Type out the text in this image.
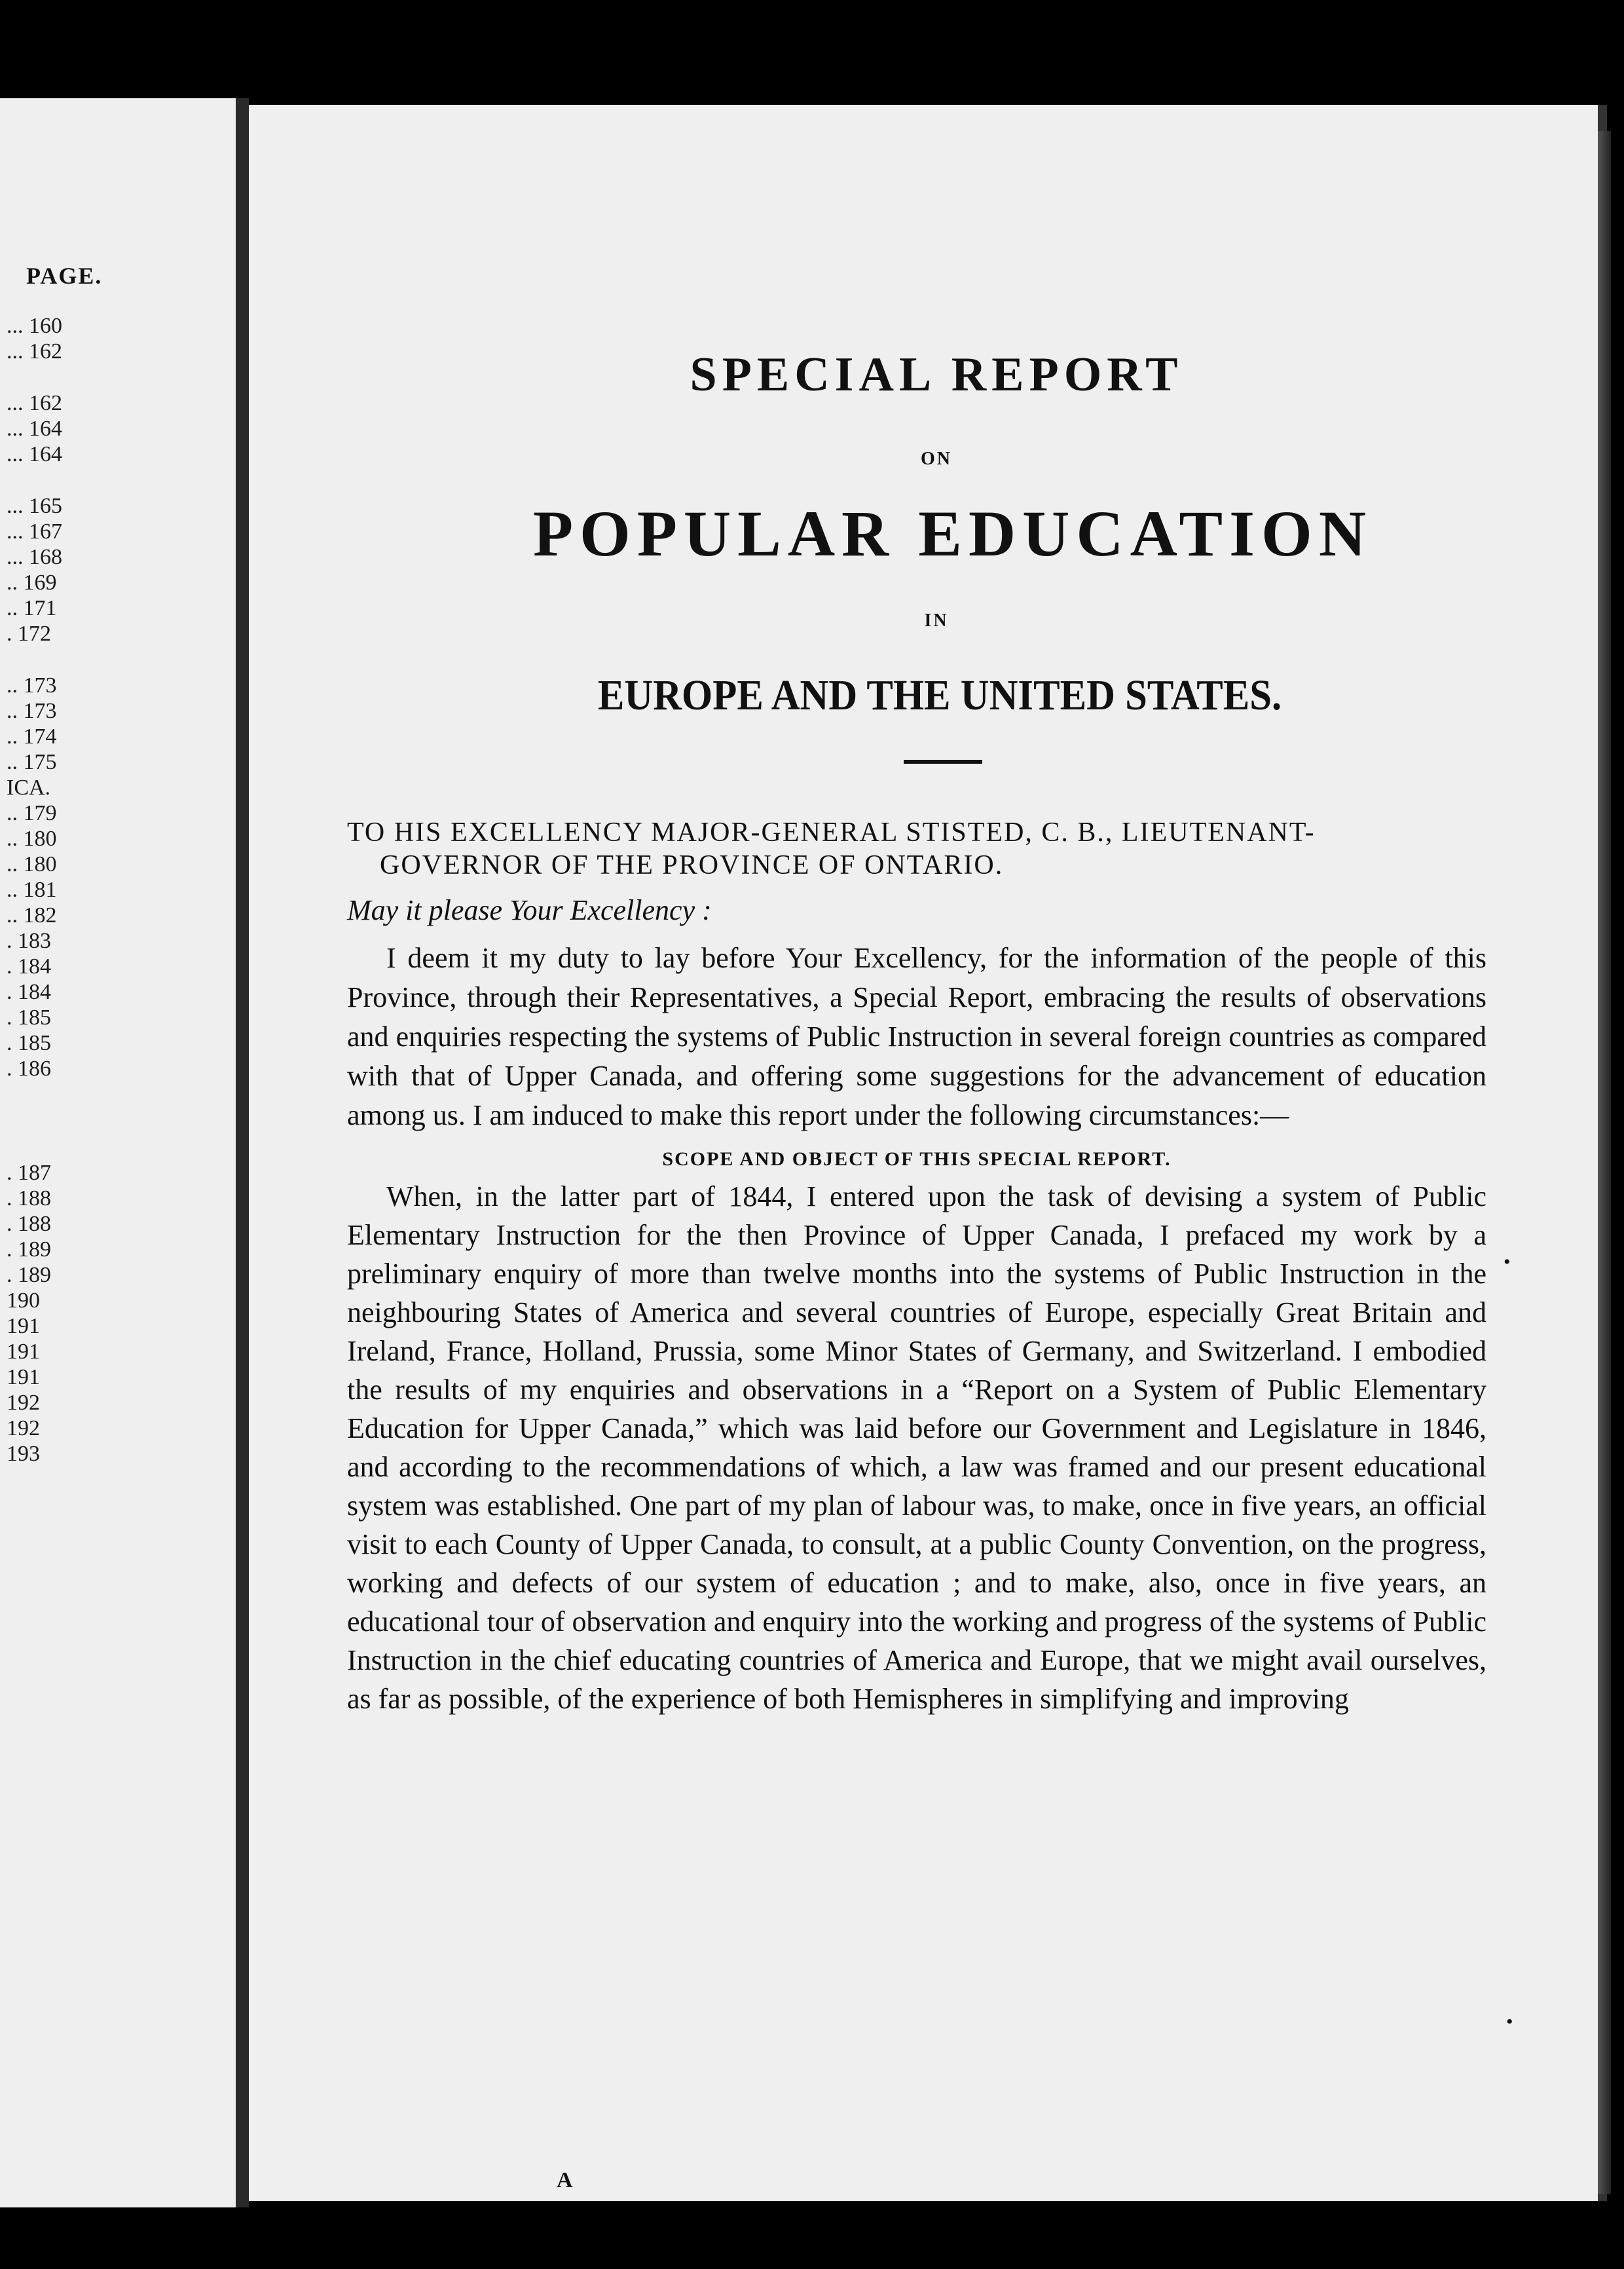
PAGE.
... 160
... 162
... 162
... 164
... 164
... 165
... 167
... 168
.. 169
.. 171
. 172
.. 173
.. 173
.. 174
.. 175
ICA.
.. 179
.. 180
.. 180
.. 181
.. 182
. 183
. 184
. 184
. 185
. 185
. 186
. 187
. 188
. 188
. 189
. 189
190
191
191
191
192
192
193
SPECIAL REPORT
ON
POPULAR EDUCATION
IN
EUROPE AND THE UNITED STATES.
TO HIS EXCELLENCY MAJOR-GENERAL STISTED, C. B., LIEUTENANT-
GOVERNOR OF THE PROVINCE OF ONTARIO.
May it please Your Excellency :
I deem it my duty to lay before Your Excellency, for the information of the people of this Province, through their Representatives, a Special Report, embracing the results of observations and enquiries respecting the systems of Public Instruction in several foreign countries as compared with that of Upper Canada, and offering some suggestions for the advancement of education among us. I am induced to make this report under the following circumstances:—
SCOPE AND OBJECT OF THIS SPECIAL REPORT.
When, in the latter part of 1844, I entered upon the task of devising a system of Public Elementary Instruction for the then Province of Upper Canada, I prefaced my work by a preliminary enquiry of more than twelve months into the systems of Public Instruction in the neighbouring States of America and several countries of Europe, especially Great Britain and Ireland, France, Holland, Prussia, some Minor States of Germany, and Switzerland. I embodied the results of my enquiries and observations in a “Report on a System of Public Elementary Education for Upper Canada,” which was laid before our Government and Legislature in 1846, and according to the recommendations of which, a law was framed and our present educational system was established. One part of my plan of labour was, to make, once in five years, an official visit to each County of Upper Canada, to consult, at a public County Convention, on the progress, working and defects of our system of education ; and to make, also, once in five years, an educational tour of observation and enquiry into the working and progress of the systems of Public Instruction in the chief educating countries of America and Europe, that we might avail ourselves, as far as possible, of the experience of both Hemispheres in simplifying and improving
A
•
•
